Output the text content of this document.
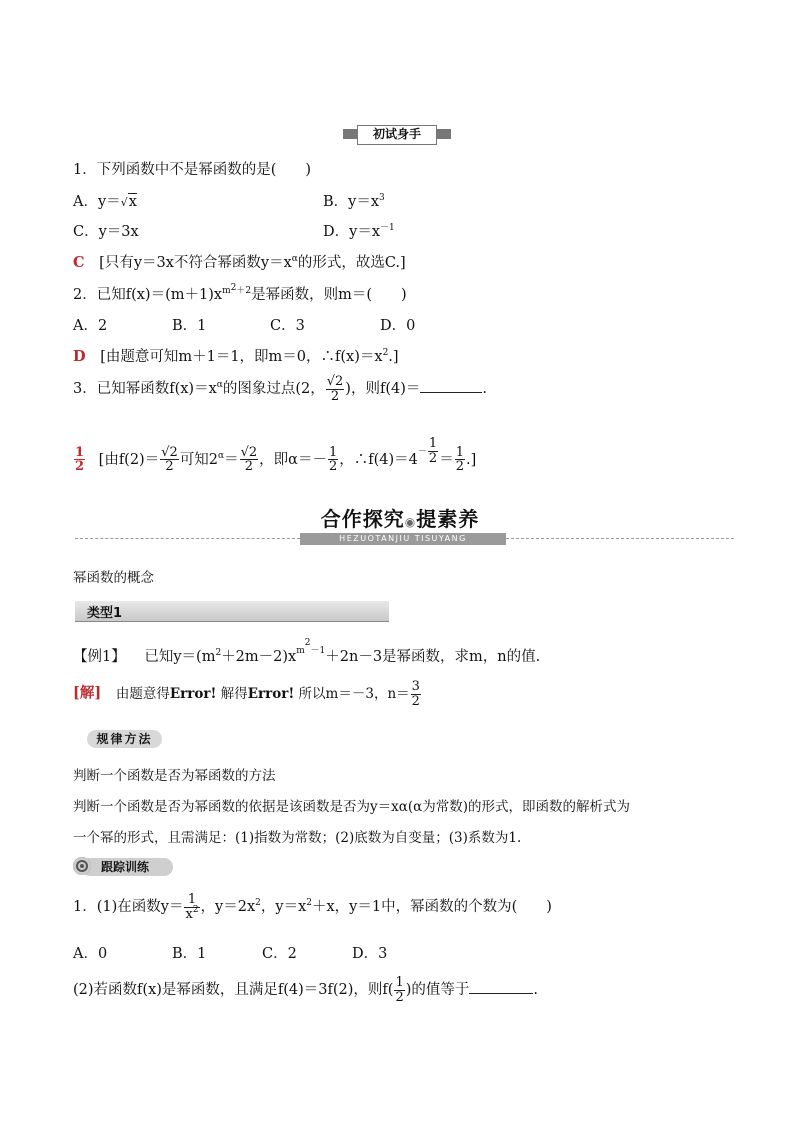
初试身手
1．下列函数中不是幂函数的是(　　)
A．y＝√x	B．$y=x^3$
C．y＝3x	D．$y=x^{-1}$
C [只有y＝3x不符合幂函数$y=x^\alpha$的形式，故选C.]
2．已知$f(x)=(m+1)x^{m^2+2}$是幂函数，则m＝(　　)
A．2	B．1	C．3	D．0
D [由题意可知m＋1＝1，即m＝0，$\therefore f(x)=x^2$.]
3．已知幂函数$f(x)=x^\alpha$的图象过点(2， $\frac{√2}{2}$ )，则f(4)＝	.
$\frac{1}{2}$ [由$f(2)= \frac{√2}{2}$ 可知$2^\alpha= \frac{√2}{2}$ ，即$\alpha=- \frac{1}{2}$ ，$\therefore f(4)=4^{- \frac{1}{2}} = \frac{1}{2}$ .]
合作探究◉提素养
HEZUOTANJIU TISUYANG
幂函数的概念
类型1
【例1】 已知$y=(m^2+2m-2)x^{m^2-1}+2n-3$是幂函数，求m，n的值.
[解] 由题意得Error! 解得Error! 所以m＝－3，$n= \frac{3}{2}$
规律方法
判断一个函数是否为幂函数的方法
判断一个函数是否为幂函数的依据是该函数是否为y＝xα(α为常数)的形式，即函数的解析式为
一个幂的形式，且需满足：(1)指数为常数；(2)底数为自变量；(3)系数为1.
跟踪训练
1．(1)在函数$y= \frac{1}{x^2}$ ，$y=2x^2$，$y=x^2+x$，y＝1中，幂函数的个数为(　　)
A．0	B．1	C．2	D．3
(2)若函数f(x)是幂函数，且满足f(4)＝3f(2)，则$f( \frac{1}{2}$ )的值等于	.
